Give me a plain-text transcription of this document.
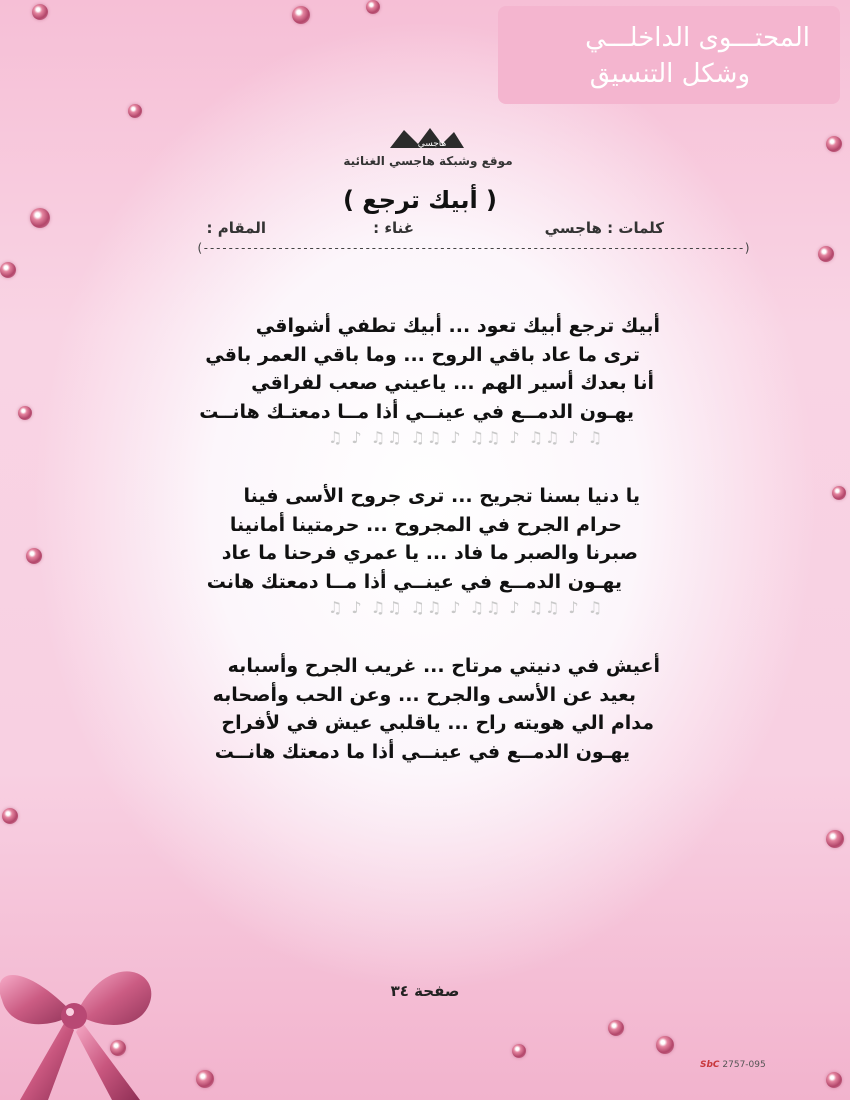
المحتـــوى الداخلـــي
وشكل التنسيق
هاجسي
موقع وشبكة هاجسي الغنائية
( أبيك ترجع )
كلمات : هاجسي
غناء :
المقام :
(---------------------------------------------------------------------------------------)
أبيك ترجع أبيك تعود ... أبيك تطفي أشواقي
ترى ما عاد باقي الروح ... وما باقي العمر باقي
أنا بعدك أسير الهم ... ياعيني صعب لفراقي
يهـون الدمــع في عينــي أذا مــا دمعتـك هانــت
♫ ♪ ♫♫ ♫♫ ♪ ♫♫ ♪ ♫♫ ♪ ♫
يا دنيا بسنا تجريح ... ترى جروح الأسى فينا
حرام الجرح في المجروح ... حرمتينا أمانينا
صبرنا والصبر ما فاد ... يا عمري فرحنا ما عاد
يهـون الدمــع في عينــي أذا مــا دمعتك هانت
♫ ♪ ♫♫ ♫♫ ♪ ♫♫ ♪ ♫♫ ♪ ♫
أعيش في دنيتي مرتاح ... غريب الجرح وأسبابه
بعيد عن الأسى والجرح ... وعن الحب وأصحابه
مدام الي هويته راح ... ياقلبي عيش في لأفراح
يهـون الدمــع في عينــي أذا ما دمعتك هانــت
صفحة ٣٤
SbC 2757-095
